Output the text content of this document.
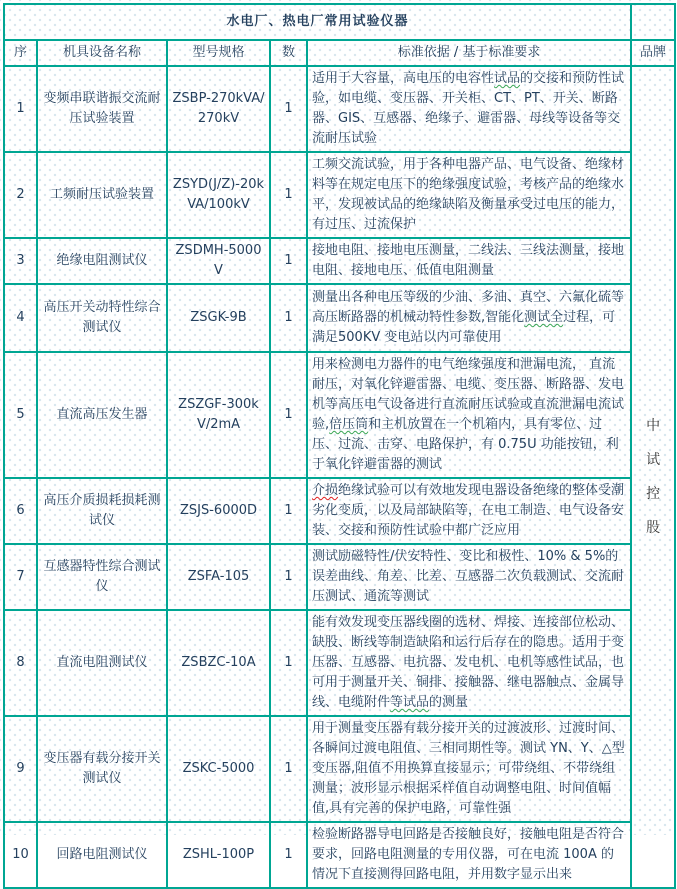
水电厂、热电厂常用试验仪器					
序	机具设备名称	型号规格	数	标准依据 / 基于标准要求	品牌
1	变频串联谐振交流耐压试验装置	ZSBP-270kVA/270kV	1	适用于大容量，高电压的电容性试品的交接和预防性试验，如电缆、变压器、开关柜、CT、PT、开关、断路器、GIS、互感器、绝缘子、避雷器、母线等设备等交流耐压试验	中
试
控
股

2	工频耐压试验装置	ZSYD(J/Z)-20kVA/100kV	1	工频交流试验，用于各种电器产品、电气设备、绝缘材料等在规定电压下的绝缘强度试验，考核产品的绝缘水平，发现被试品的绝缘缺陷及衡量承受过电压的能力，有过压、过流保护	
3	绝缘电阻测试仪	ZSDMH-5000V	1	接地电阻、接地电压测量，二线法、三线法测量，接地电阻、接地电压、低值电阻测量	
4	高压开关动特性综合测试仪	ZSGK-9B	1	测量出各种电压等级的少油、多油、真空、六氟化硫等高压断路器的机械动特性参数,智能化测试全过程，可满足500KV 变电站以内可靠使用	
5	直流高压发生器	ZSZGF-300kV/2mA	1	用来检测电力器件的电气绝缘强度和泄漏电流， 直流耐压，对氧化锌避雷器、电缆、变压器、断路器、发电机等高压电气设备进行直流耐压试验或直流泄漏电流试验,倍压筒和主机放置在一个机箱内，具有零位、过压、过流、击穿、电路保护，有 0.75U 功能按钮，利于氧化锌避雷器的测试	
6	高压介质损耗损耗测试仪	ZSJS-6000D	1	介损绝缘试验可以有效地发现电器设备绝缘的整体受潮劣化变质，以及局部缺陷等，在电工制造、电气设备安装、交接和预防性试验中都广泛应用	
7	互感器特性综合测试仪	ZSFA-105	1	测试励磁特性/伏安特性、变比和极性、10% & 5%的误差曲线、角差、比差、互感器二次负载测试、交流耐压测试、通流等测试	
8	直流电阻测试仪	ZSBZC-10A	1	能有效发现变压器线圈的选材、焊接、连接部位松动、缺股、断线等制造缺陷和运行后存在的隐患。适用于变压器、互感器、电抗器、发电机、电机等感性试品，也可用于测量开关、铜排、接触器、继电器触点、金属导线、电缆附件等试品的测量	
9	变压器有载分接开关测试仪	ZSKC-5000	1	用于测量变压器有载分接开关的过渡波形、过渡时间、各瞬间过渡电阻值、三相同期性等。测试 YN、Y、△型变压器,阻值不用换算直接显示；可带绕组、不带绕组测量；波形显示根据采样值自动调整电阻、时间值幅值,具有完善的保护电路，可靠性强	
10	回路电阻测试仪	ZSHL-100P	1	检验断路器导电回路是否接触良好，接触电阻是否符合要求，回路电阻测量的专用仪器，可在电流 100A 的情况下直接测得回路电阻，并用数字显示出来	
